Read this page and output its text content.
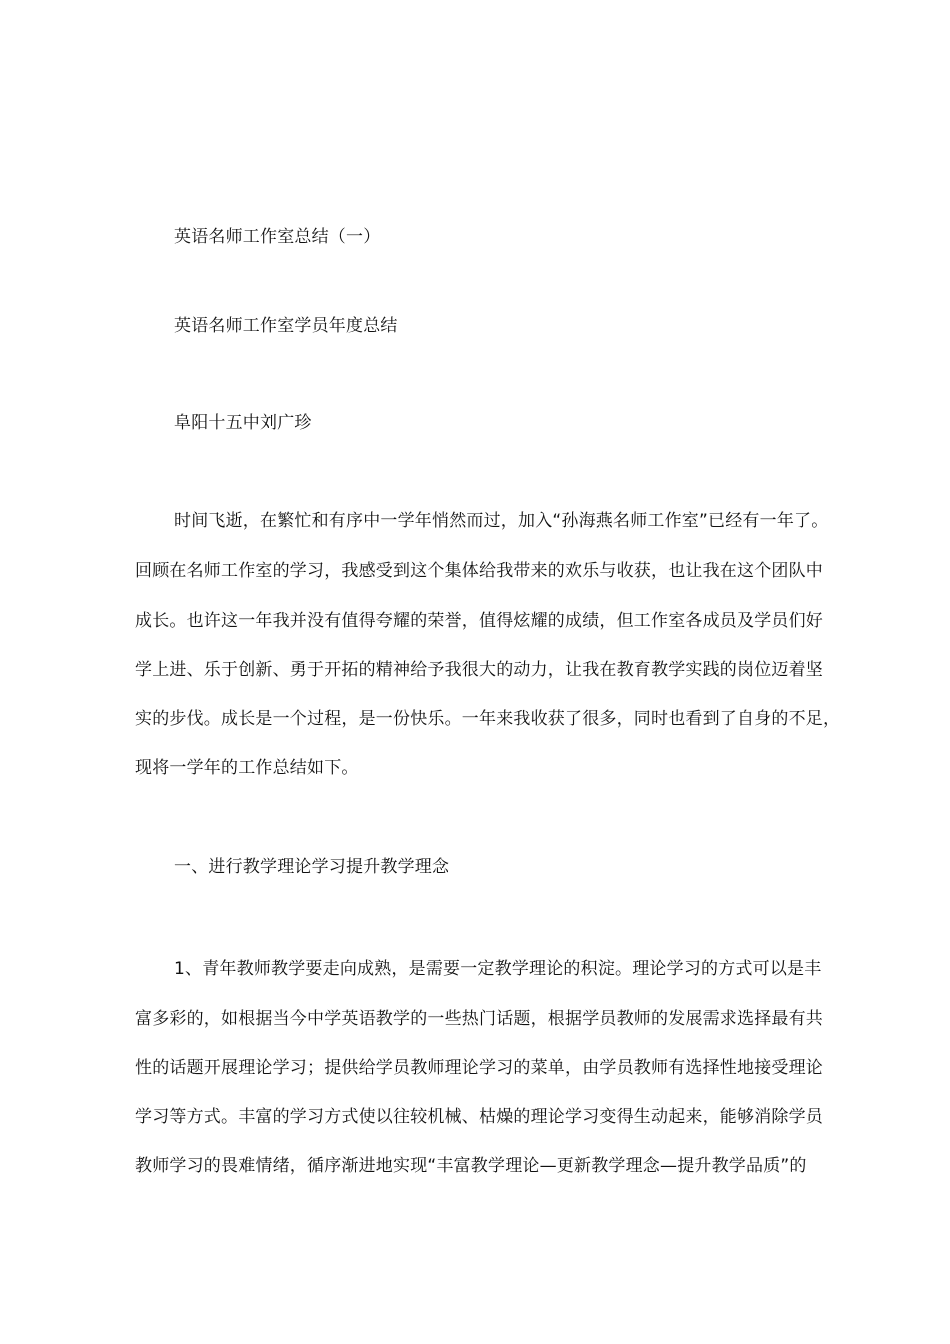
英语名师工作室总结（一）
英语名师工作室学员年度总结
阜阳十五中刘广珍
时间飞逝，在繁忙和有序中一学年悄然而过，加入“孙海燕名师工作室”已经有一年了。
回顾在名师工作室的学习，我感受到这个集体给我带来的欢乐与收获，也让我在这个团队中
成长。也许这一年我并没有值得夸耀的荣誉，值得炫耀的成绩，但工作室各成员及学员们好
学上进、乐于创新、勇于开拓的精神给予我很大的动力，让我在教育教学实践的岗位迈着坚
实的步伐。成长是一个过程，是一份快乐。一年来我收获了很多，同时也看到了自身的不足，
现将一学年的工作总结如下。
一、进行教学理论学习提升教学理念
1、青年教师教学要走向成熟，是需要一定教学理论的积淀。理论学习的方式可以是丰
富多彩的，如根据当今中学英语教学的一些热门话题，根据学员教师的发展需求选择最有共
性的话题开展理论学习；提供给学员教师理论学习的菜单，由学员教师有选择性地接受理论
学习等方式。丰富的学习方式使以往较机械、枯燥的理论学习变得生动起来，能够消除学员
教师学习的畏难情绪，循序渐进地实现“丰富教学理论—更新教学理念—提升教学品质”的
